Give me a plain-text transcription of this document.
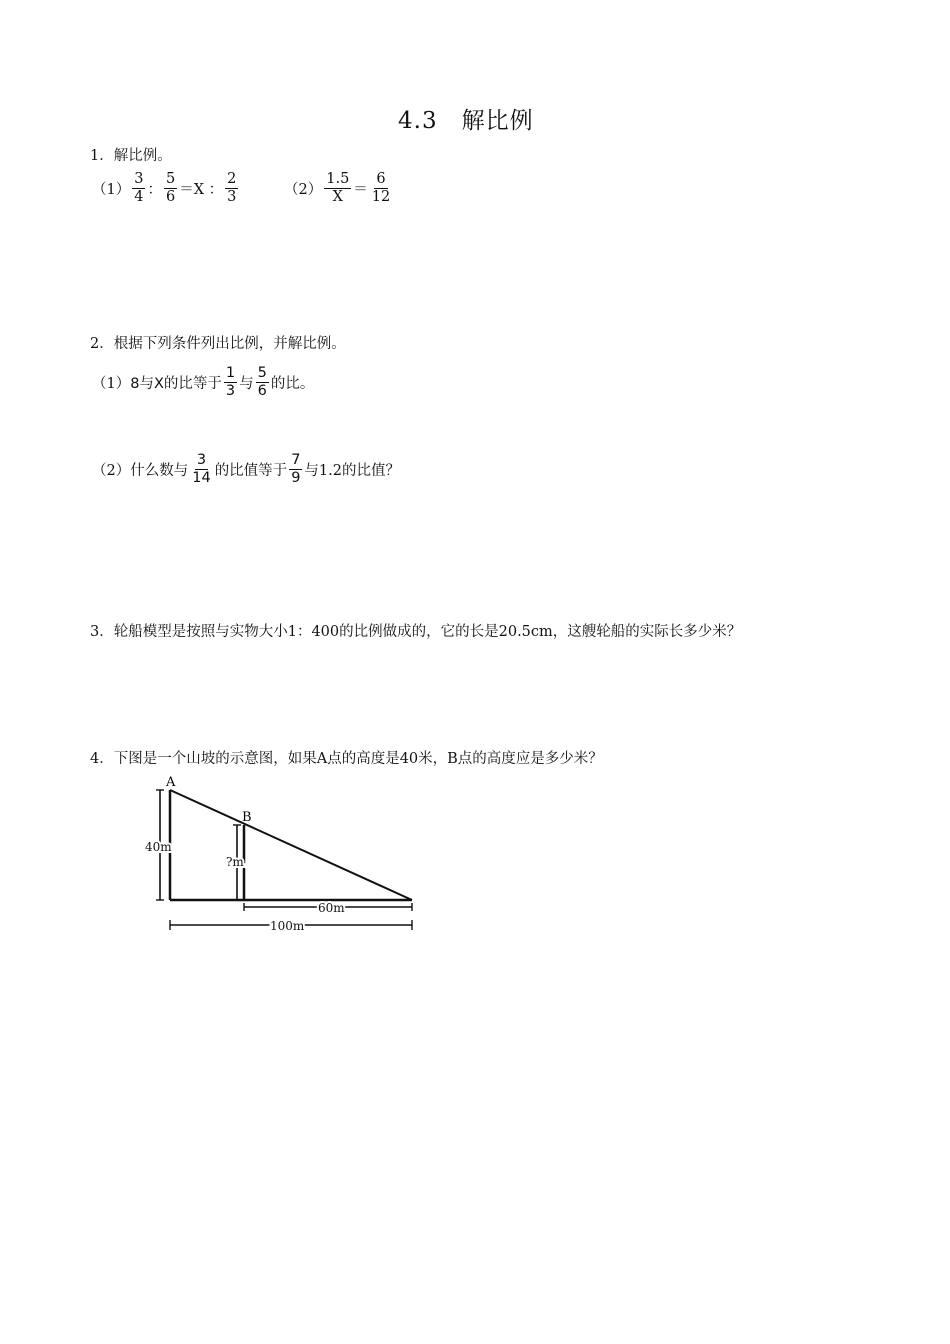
4.3　解比例
1．解比例。
$(1) \frac{3}{4}$ ： $\frac{5}{6} =X$ ： $\frac{2}{3}$	$(2) \frac{1.5}{X} = \frac{6}{12}$
2．根据下列条件列出比例，并解比例。
（1） 8与X的比等于 $\frac{1}{3}$ 与 $\frac{5}{6}$ 的比。
（2） 什么数与 $\frac{3}{14}$ 的比值等于 $\frac{7}{9}$ 与1.2的比值？
3．轮船模型是按照与实物大小1：400的比例做成的，它的长是20.5cm，这艘轮船的实际长多少米？
4．下图是一个山坡的示意图，如果A点的高度是40米，B点的高度应是多少米？
A
B
40m
?m
60m
100m
